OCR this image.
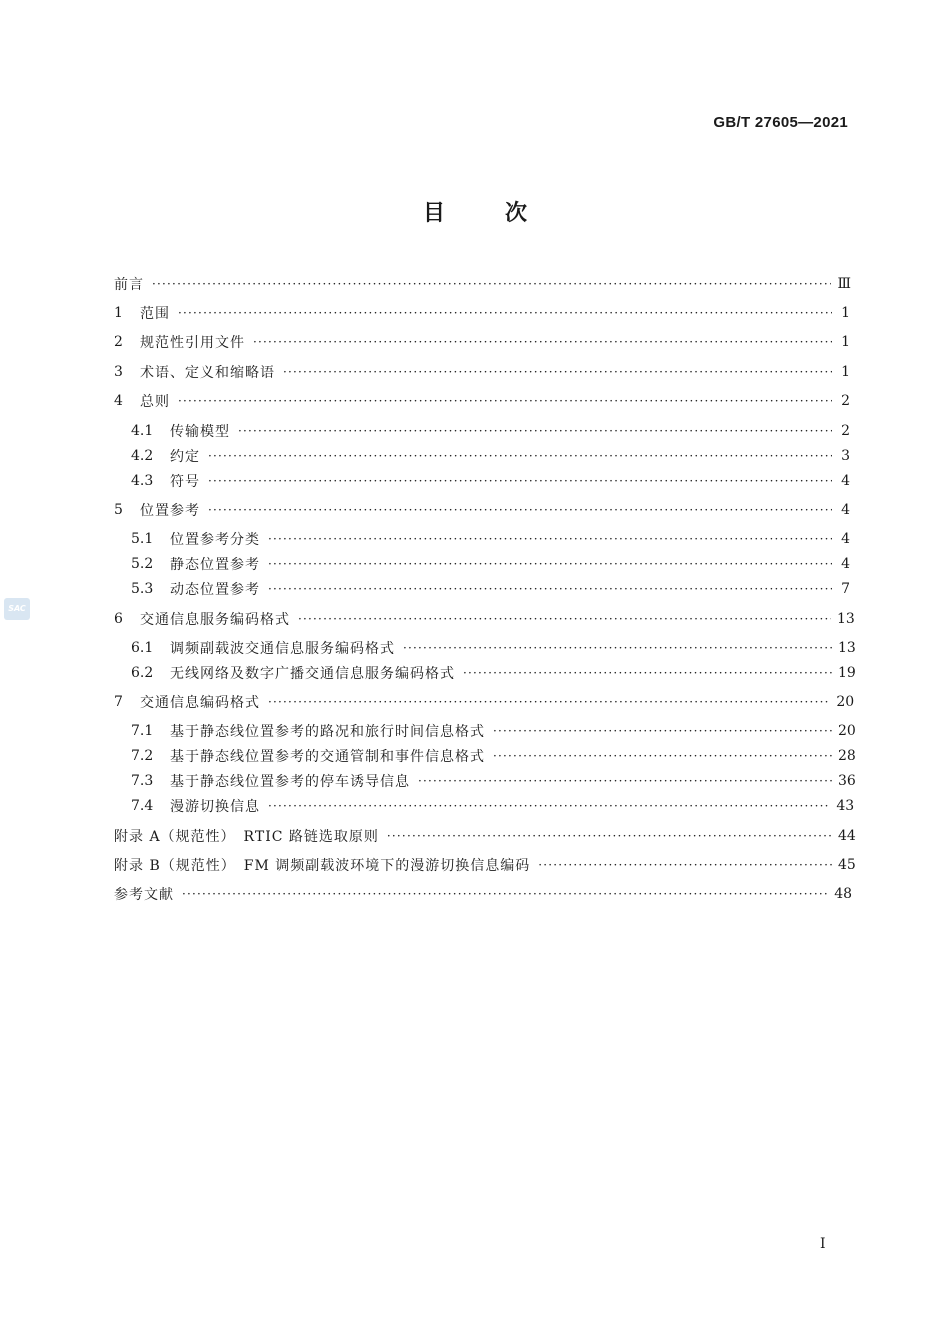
GB/T 27605—2021
目	次
SAC
前言 ·····	Ⅲ
1	范围 ·····	1
2	规范性引用文件 ·····	1
3	术语、定义和缩略语 ·····	1
4	总则 ·····	2
4.1	传输模型 ·····	2
4.2	约定 ·····	3
4.3	符号 ·····	4
5	位置参考 ·····	4
5.1	位置参考分类 ·····	4
5.2	静态位置参考 ·····	4
5.3	动态位置参考 ·····	7
6	交通信息服务编码格式 ·····	13
6.1	调频副载波交通信息服务编码格式 ·····	13
6.2	无线网络及数字广播交通信息服务编码格式 ·····	19
7	交通信息编码格式 ·····	20
7.1	基于静态线位置参考的路况和旅行时间信息格式 ·····	20
7.2	基于静态线位置参考的交通管制和事件信息格式 ·····	28
7.3	基于静态线位置参考的停车诱导信息 ·····	36
7.4	漫游切换信息 ·····	43
附录 A（规范性）　RTIC 路链选取原则 ·····	44
附录 B（规范性）　FM 调频副载波环境下的漫游切换信息编码 ·····	45
参考文献 ·····	48
I
